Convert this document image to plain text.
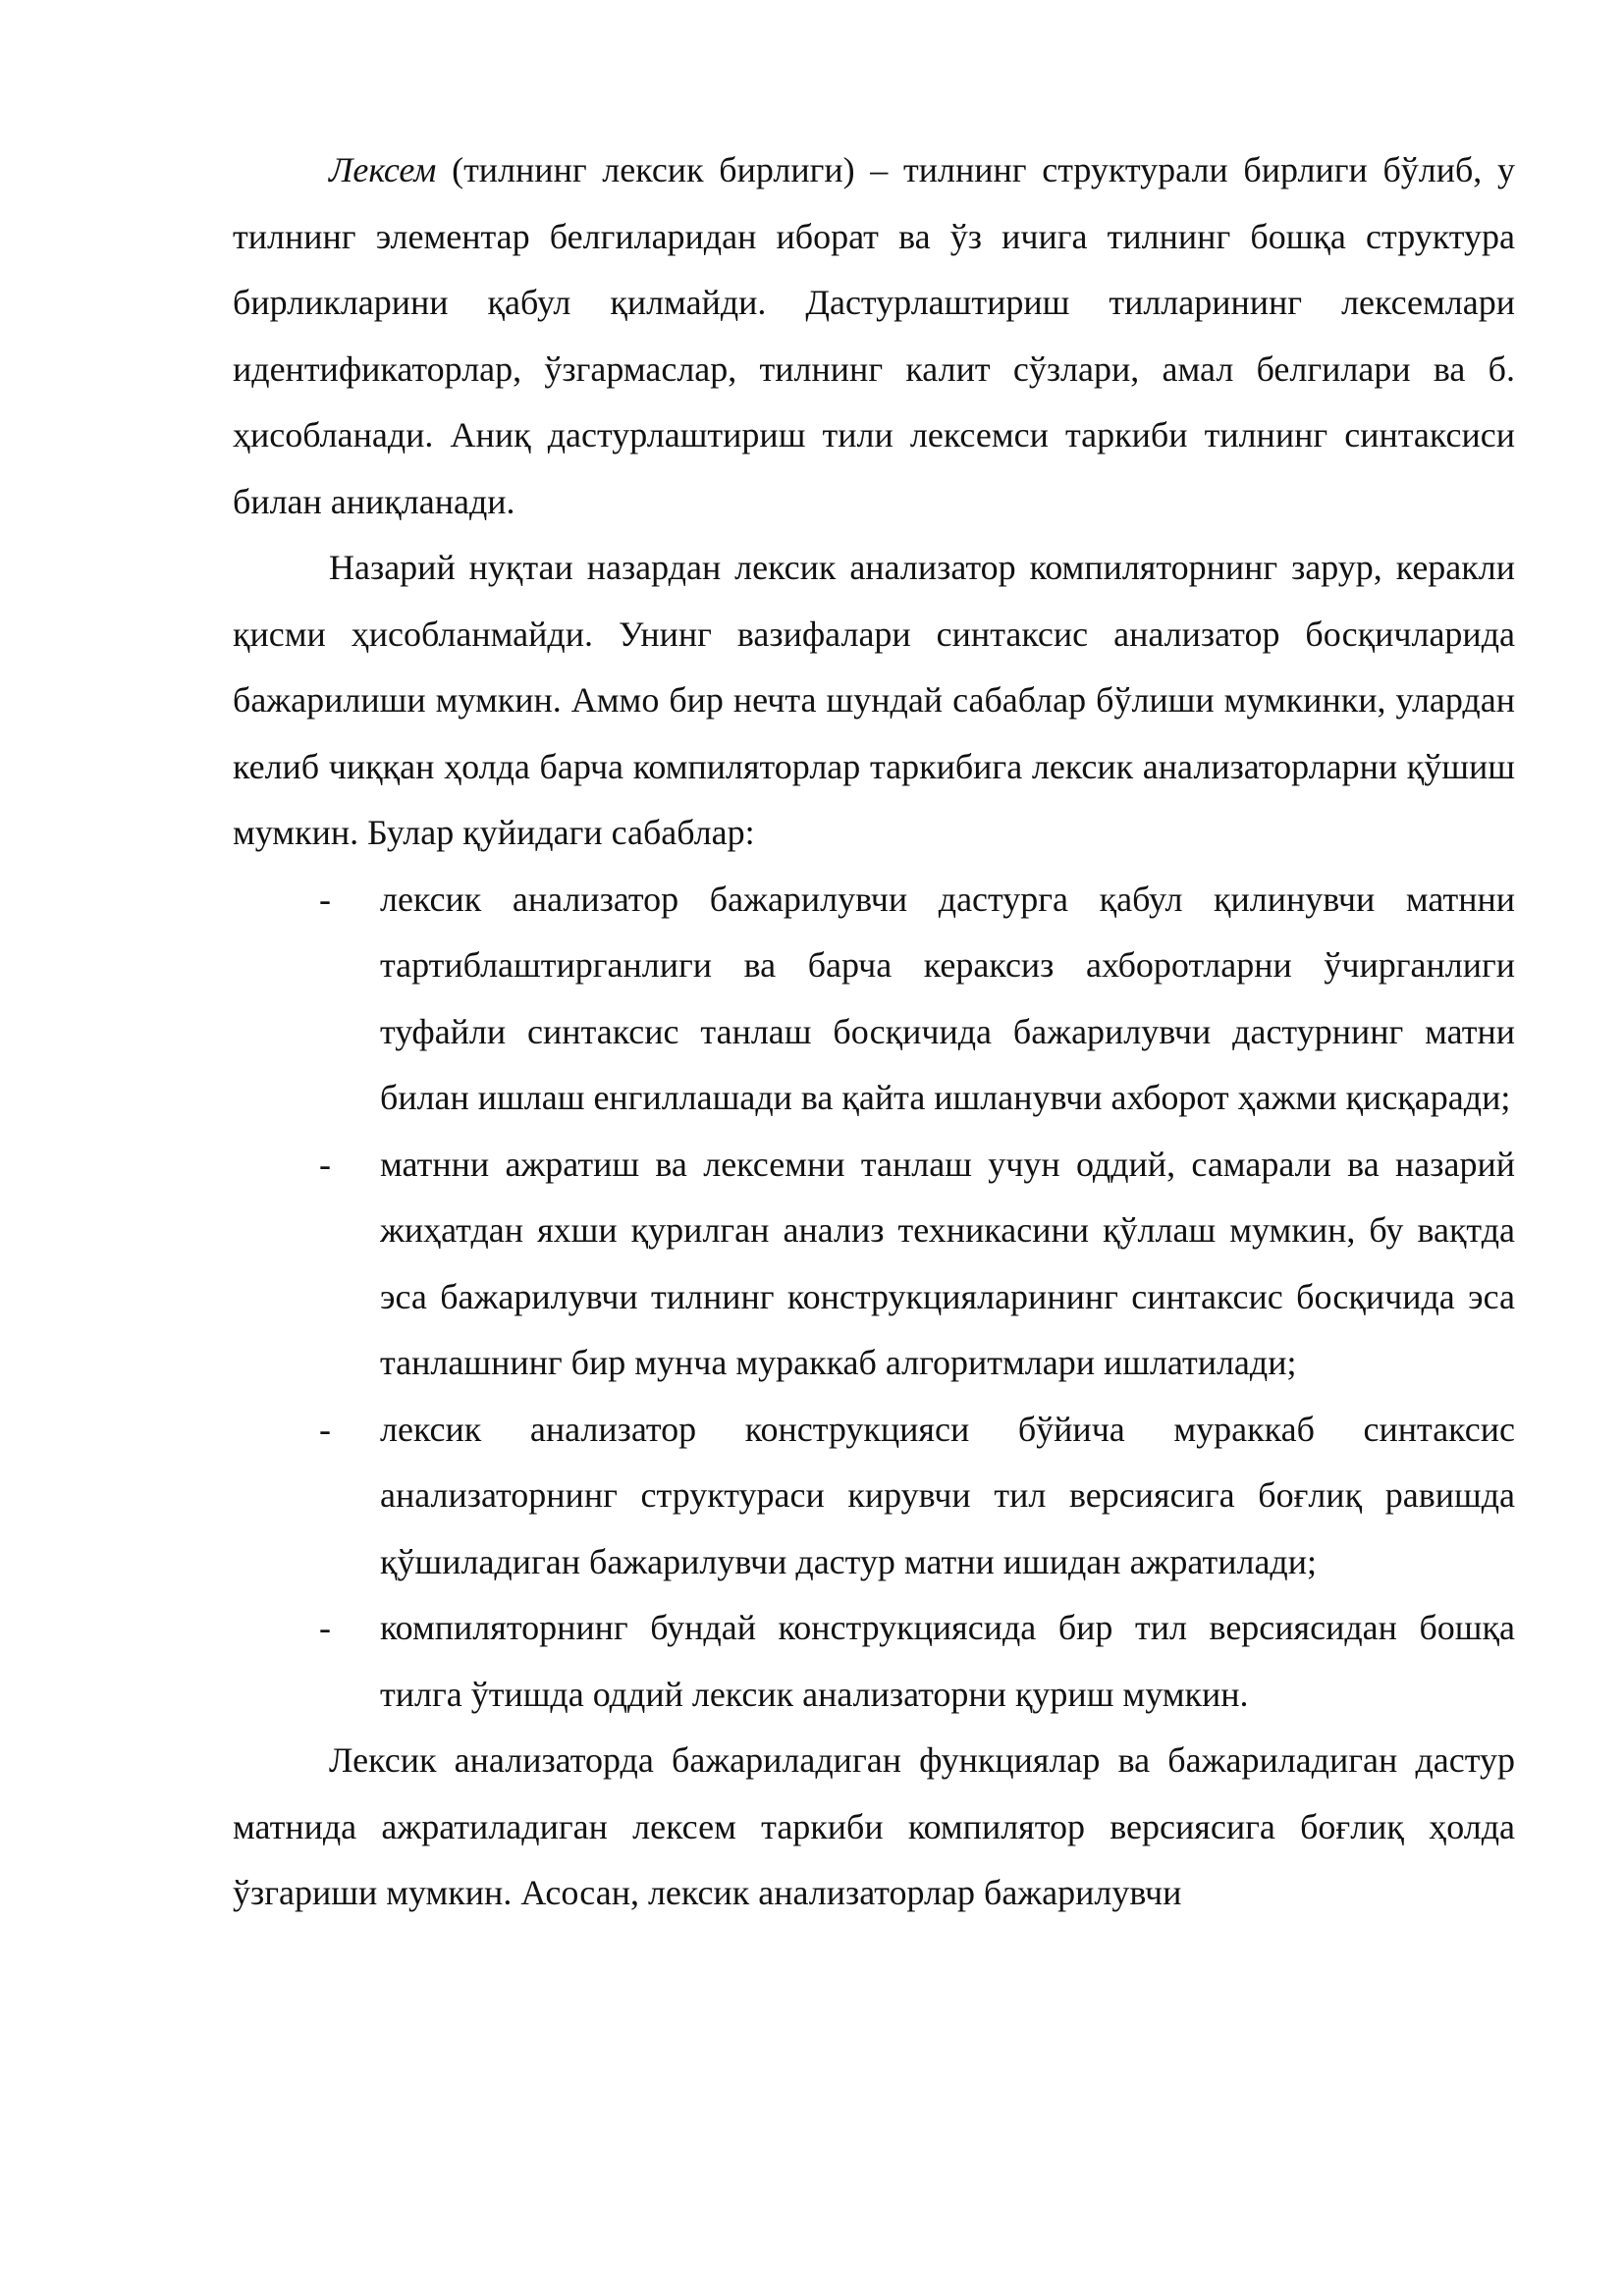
Лексем (тилнинг лексик бирлиги) – тилнинг структурали бирлиги бўлиб, у тилнинг элементар белгиларидан иборат ва ўз ичига тилнинг бошқа структура бирликларини қабул қилмайди. Дастурлаштириш тилларининг лексемлари идентификаторлар, ўзгармаслар, тилнинг калит сўзлари, амал белгилари ва б. ҳисобланади. Аниқ дастурлаштириш тили лексемси таркиби тилнинг синтаксиси билан аниқланади.

Назарий нуқтаи назардан лексик анализатор компиляторнинг зарур, керакли қисми ҳисобланмайди. Унинг вазифалари синтаксис анализатор босқичларида бажарилиши мумкин. Аммо бир нечта шундай сабаблар бўлиши мумкинки, улардан келиб чиққан ҳолда барча компиляторлар таркибига лексик анализаторларни қўшиш мумкин. Булар қуйидаги сабаблар:

- лексик анализатор бажарилувчи дастурга қабул қилинувчи матнни тартиблаштирганлиги ва барча кераксиз ахборотларни ўчирганлиги туфайли синтаксис танлаш босқичида бажарилувчи дастурнинг матни билан ишлаш енгиллашади ва қайта ишланувчи ахборот ҳажми қисқаради;
- матнни ажратиш ва лексемни танлаш учун оддий, самарали ва назарий жиҳатдан яхши қурилган анализ техникасини қўллаш мумкин, бу вақтда эса бажарилувчи тилнинг конструкцияларининг синтаксис босқичида эса танлашнинг бир мунча мураккаб алгоритмлари ишлатилади;
- лексик анализатор конструкцияси бўйича мураккаб синтаксис анализаторнинг структураси кирувчи тил версиясига боғлиқ равишда қўшиладиган бажарилувчи дастур матни ишидан ажратилади;
- компиляторнинг бундай конструкциясида бир тил версиясидан бошқа тилга ўтишда оддий лексик анализаторни қуриш мумкин.

Лексик анализаторда бажариладиган функциялар ва бажариладиган дастур матнида ажратиладиган лексем таркиби компилятор версиясига боғлиқ ҳолда ўзгариши мумкин. Асосан, лексик анализаторлар бажарилувчи
